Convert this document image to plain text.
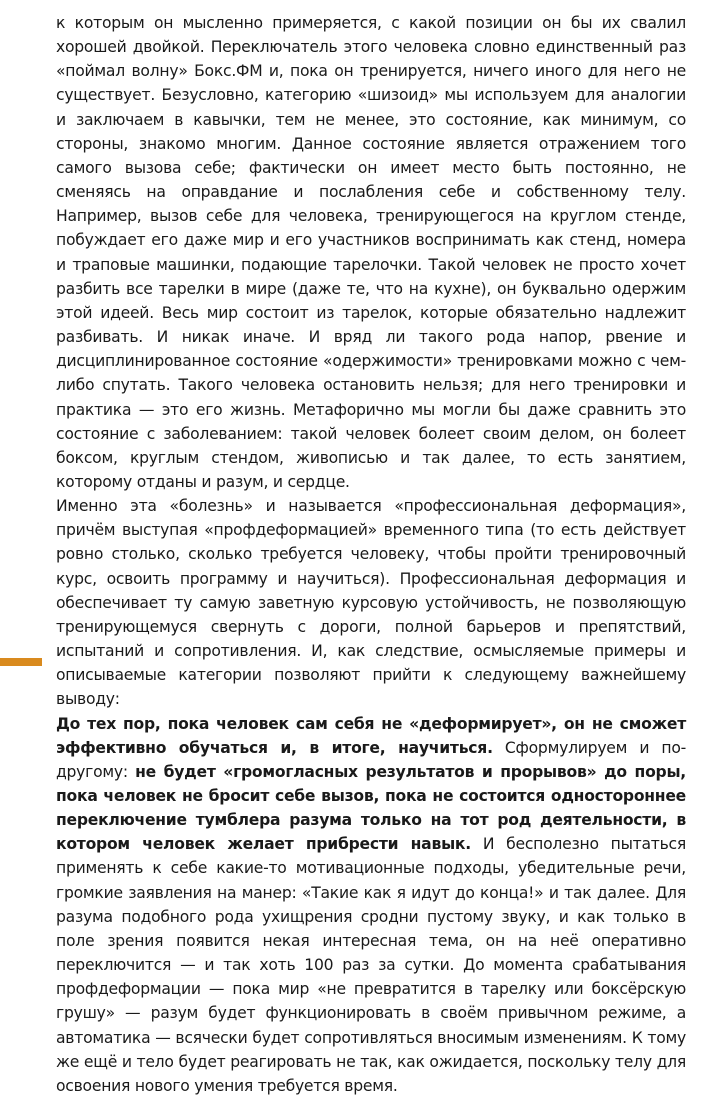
к которым он мысленно примеряется, с какой позиции он бы их свалил хорошей двойкой. Переключатель этого человека словно единственный раз «поймал волну» Бокс.ФМ и, пока он тренируется, ничего иного для него не существует. Безусловно, категорию «шизоид» мы используем для аналогии и заключаем в кавычки, тем не менее, это состояние, как минимум, со стороны, знакомо многим. Данное состояние является отражением того самого вызова себе; фактически он имеет место быть постоянно, не сменяясь на оправдание и послабления себе и собственному телу. Например, вызов себе для человека, тренирующегося на круглом стенде, побуждает его даже мир и его участников воспринимать как стенд, номера и траповые машинки, подающие тарелочки. Такой человек не просто хочет разбить все тарелки в мире (даже те, что на кухне), он буквально одержим этой идеей. Весь мир состоит из тарелок, которые обязательно надлежит разбивать. И никак иначе. И вряд ли такого рода напор, рвение и дисциплинированное состояние «одержимости» тренировками можно с чем-либо спутать. Такого человека остановить нельзя; для него тренировки и практика — это его жизнь. Метафорично мы могли бы даже сравнить это состояние с заболеванием: такой человек болеет своим делом, он болеет боксом, круглым стендом, живописью и так далее, то есть занятием, которому отданы и разум, и сердце.

Именно эта «болезнь» и называется «профессиональная деформация», причём выступая «профдеформацией» временного типа (то есть действует ровно столько, сколько требуется человеку, чтобы пройти тренировочный курс, освоить программу и научиться). Профессиональная деформация и обеспечивает ту самую заветную курсовую устойчивость, не позволяющую тренирующемуся свернуть с дороги, полной барьеров и препятствий, испытаний и сопротивления. И, как следствие, осмысляемые примеры и описываемые категории позволяют прийти к следующему важнейшему выводу:

До тех пор, пока человек сам себя не «деформирует», он не сможет эффективно обучаться и, в итоге, научиться. Сформулируем и по-другому: не будет «громогласных результатов и прорывов» до поры, пока человек не бросит себе вызов, пока не состоится одностороннее переключение тумблера разума только на тот род деятельности, в котором человек желает прибрести навык. И бесполезно пытаться применять к себе какие-то мотивационные подходы, убедительные речи, громкие заявления на манер: «Такие как я идут до конца!» и так далее. Для разума подобного рода ухищрения сродни пустому звуку, и как только в поле зрения появится некая интересная тема, он на неё оперативно переключится — и так хоть 100 раз за сутки. До момента срабатывания профдеформации — пока мир «не превратится в тарелку или боксёрскую грушу» — разум будет функционировать в своём привычном режиме, а автоматика — всячески будет сопротивляться вносимым изменениям. К тому же ещё и тело будет реагировать не так, как ожидается, поскольку телу для освоения нового умения требуется время.
